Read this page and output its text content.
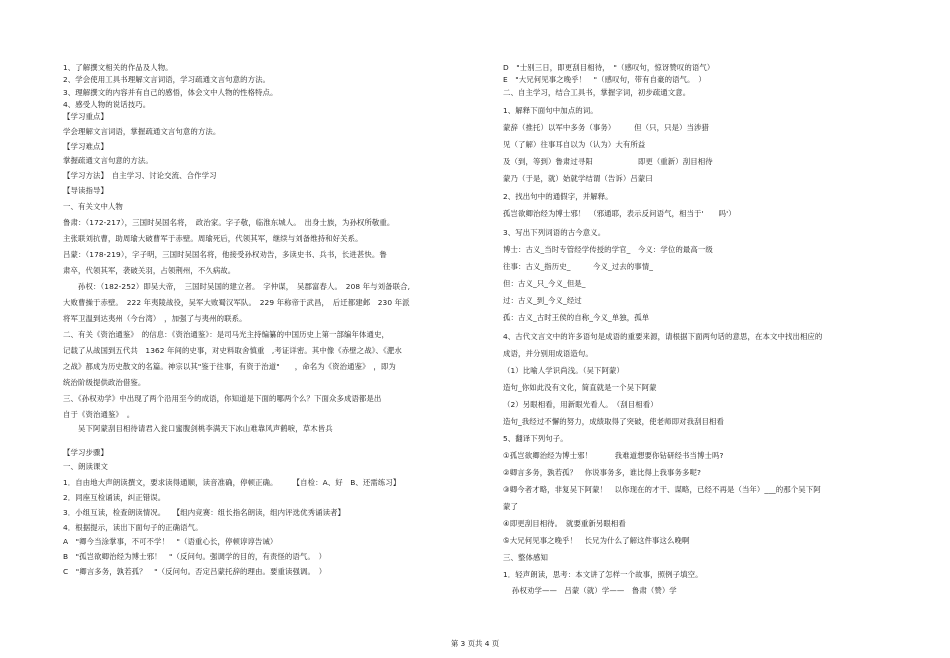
第 3 页共 4 页
1、了解撰文相关的作品及人物。
2、学会使用工具书理解文言词语，学习疏通文言句意的方法。
3、理解撰文的内容并有自己的感悟，体会文中人物的性格特点。
4、感受人物的说话技巧。
【学习重点】
学会理解文言词语，掌握疏通文言句意的方法。
【学习难点】
掌握疏通文言句意的方法。
【学习方法】　自主学习、讨论交流、合作学习
【导读指导】
一、有关文中人物
鲁肃：（172-217），三国时吴国名将，　政治家。字子敬，临淮东城人。　出身士族，为孙权所敬重。
主张联刘抗曹，助周瑜大破曹军于赤壁。周瑜死后，代领其军，继续与刘备维持和好关系。
吕蒙：（178-219），字子明，三国时吴国名将，他接受孙权劝告，多读史书、兵书，长进甚快。鲁
肃卒，代领其军，袭破关羽，占领荆州，不久病故。
孙权：（182-252）即吴大帝，　三国时吴国的建立者。　字仲谋，　吴郡富春人。　208 年与刘备联合,
大败曹操于赤壁。　222 年夷陵战役，吴军大败蜀汉军队。　229 年称帝于武昌，　后迁都建邺　230 年派
将军卫温到达夷州（今台湾）　，加强了与夷州的联系。
二、有关《资治通鉴》　的信息：《资治通鉴》：是司马光主持编纂的中国历史上第一部编年体通史，
记载了从战国到五代共　1362 年间的史事，对史料取舍慎重　,考证详密。其中像《赤壁之战》、《淝水
之战》都成为历史散文的名篇。神宗以其"鉴于往事，有资于治道"　　，命名为《资治通鉴》　，即为
统治阶级提供政治借鉴。
三、《孙权劝学》中出现了两个沿用至今的成语，你知道是下面的哪两个么？下面众多成语都是出
自于《资治通鉴》　。
吴下阿蒙刮目相待请君入瓮口蜜腹剑桃李满天下冰山难靠风声鹤唳，草木皆兵
【学习步骤】
一、朗读课文
1．自由地大声朗读撰文，要求读得通顺，读音准确，停顿正确。　　　【自检：A、好　B、还需练习】
2．同座互检诵读，纠正错误。
3．小组互读，检查朗读情况。　　【组内竞赛：组长指名朗读，组内评选优秀诵读者】
4．根据提示，读出下面句子的正确语气。
A　"卿今当涂掌事，不可不学！　"（语重心长，停顿谆谆告诫）
B　"孤岂欲卿治经为博士邪！　"（反问句。强调学的目的，有责怪的语气。　）
C　"卿言多务，孰若孤？　"（反问句。否定吕蒙托辞的理由。要重读强调。　）
D　"士别三日，即更刮目相待，　"（感叹句，惊讶赞叹的语气）
E　"大兄何见事之晚乎！　"（感叹句，带有自豪的语气。　）
二、自主学习，结合工具书，掌握字词，初步疏通文意。
1、解释下面句中加点的词。
蒙辞（推托）以军中多务（事务）　　　但（只，只是）当涉猎
见（了解）往事耳自以为（认为）大有所益
及（到，等到）鲁肃过寻阳　　　　　　即更（重新）刮目相待
蒙乃（于是，就）始就学结谓（告诉）吕蒙曰
2、找出句中的通假字，并解释。
孤岂欲卿治经为博士邪！　（邪通耶，表示反问语气，相当于'　　吗'）
3、写出下列词语的古今意义。
博士：古义_当时专管经学传授的学官_　今义：学位的最高一级
往事：古义_指历史_　　　今义_过去的事情_
但：古义_只_今义_但是_
过：古义_到_今义_经过
孤：古义_古时王侯的自称_今义_单独，孤单
4、古代文言文中的许多语句是成语的重要来源，请根据下面两句话的意思，在本文中找出相应的
成语，并分别用成语造句。
（1）比喻人学识尚浅。（吴下阿蒙）
造句_你如此没有文化，简直就是一个吴下阿蒙
（2）另眼相看，用新眼光看人。　（刮目相看）
造句_我经过不懈的努力，成绩取得了突破，使老师即对我刮目相看
5、翻译下列句子。
①孤岂欲卿治经为博士邪！　　　我难道想要你钻研经书当博士吗?
②卿言多务，孰若孤？　你说事务多，谁比得上我事务多呢?
③卿今者才略，非复吴下阿蒙！　以你现在的才干、谋略，已经不再是（当年）___的那个吴下阿
蒙了
④即更刮目相待。　就要重新另眼相看
⑤大兄何见事之晚乎！　长兄为什么了解这件事这么晚啊
三、整体感知
1．轻声朗读，思考：本文讲了怎样一个故事，照例子填空。
孙权劝学——　吕蒙（就）学——　鲁肃（赞）学
